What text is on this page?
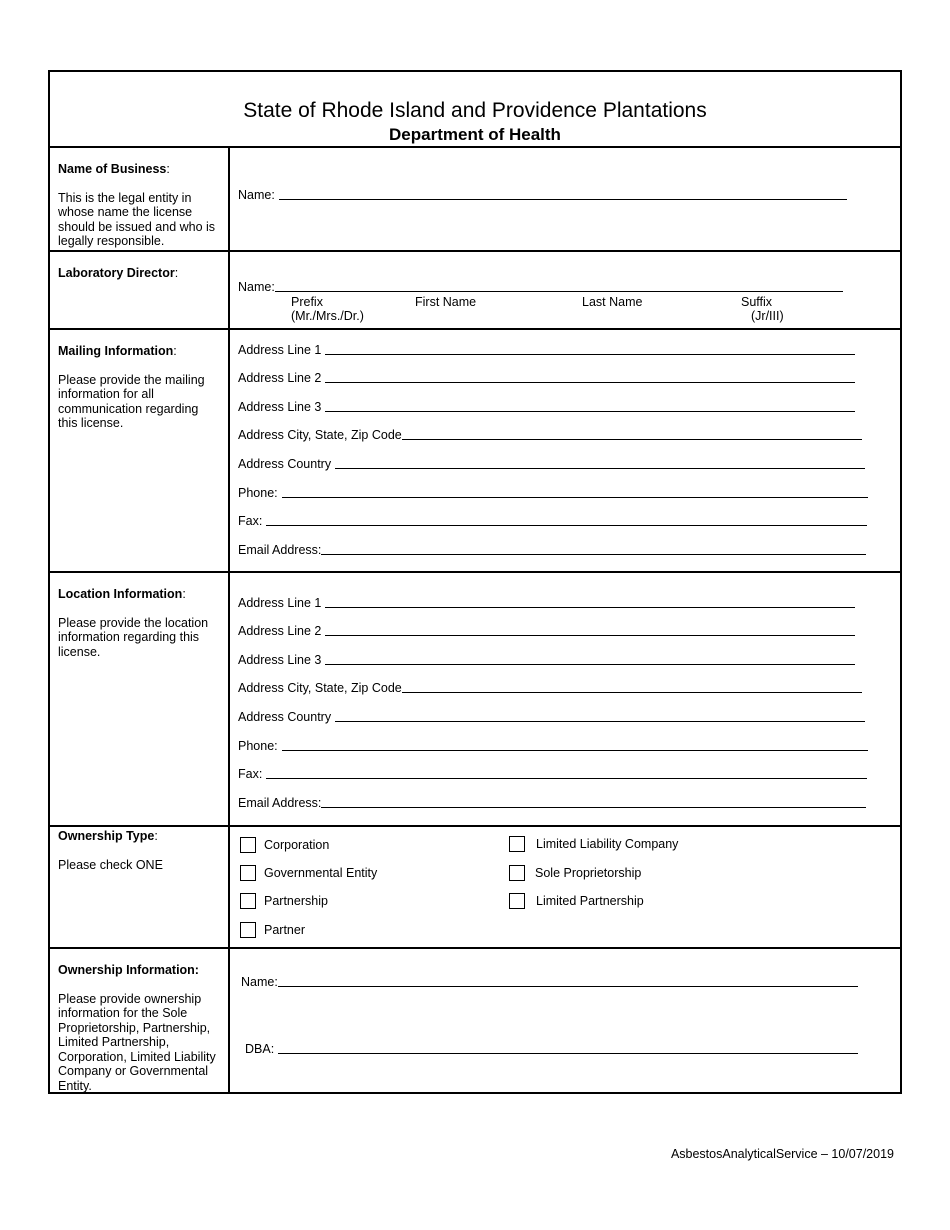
State of Rhode Island and Providence Plantations
Department of Health
Name of Business:
This is the legal entity in whose name the license should be issued and who is legally responsible.
Name:
Laboratory Director:
Name:
Prefix
(Mr./Mrs./Dr.)
First Name	Last Name	Suffix
(Jr/III)
Mailing Information:
Please provide the mailing information for all communication regarding this license.
Address Line 1
Address Line 2
Address Line 3
Address City, State, Zip Code
Address Country
Phone:
Fax:
Email Address:
Location Information:
Please provide the location information regarding this license.
Address Line 1
Address Line 2
Address Line 3
Address City, State, Zip Code
Address Country
Phone:
Fax:
Email Address:
Ownership Type:
Please check ONE
Corporation
Governmental Entity
Partnership
Partner
Limited Liability Company
Sole Proprietorship
Limited Partnership
Ownership Information:
Please provide ownership information for the Sole Proprietorship, Partnership, Limited Partnership, Corporation, Limited Liability Company or Governmental Entity.
Name:
DBA:
AsbestosAnalyticalService – 10/07/2019
